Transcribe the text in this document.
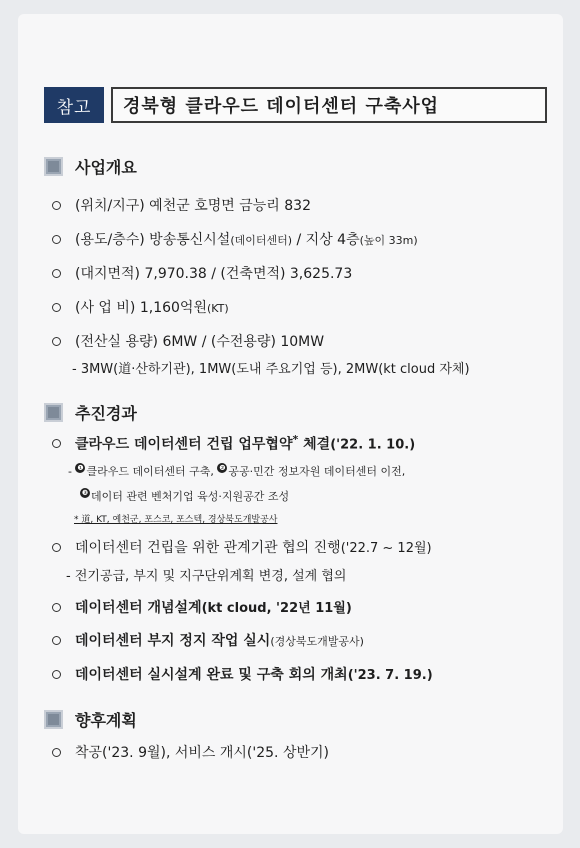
참고	경북형 클라우드 데이터센터 구축사업
사업개요
(위치/지구) 예천군 호명면 금능리 832
(용도/층수) 방송통신시설(데이터센터) / 지상 4층(높이 33m)
(대지면적) 7,970.38 / (건축면적) 3,625.73
(사 업 비) 1,160억원(KT)
(전산실 용량) 6MW / (수전용량) 10MW
- 3MW(道·산하기관), 1MW(도내 주요기업 등), 2MW(kt cloud 자체)
추진경과
클라우드 데이터센터 건립 업무협약* 체결('22. 1. 10.)
- ❶ 클라우드 데이터센터 구축, ❷ 공공·민간 정보자원 데이터센터 이전,
❸ 데이터 관련 벤처기업 육성·지원공간 조성
* 道, KT, 예천군, 포스코, 포스텍, 경상북도개발공사
데이터센터 건립을 위한 관계기관 협의 진행('22.7 ~ 12월)
- 전기공급, 부지 및 지구단위계획 변경, 설계 협의
데이터센터 개념설계(kt cloud, '22년 11월)
데이터센터 부지 정지 작업 실시(경상북도개발공사)
데이터센터 실시설계 완료 및 구축 회의 개최('23. 7. 19.)
향후계획
착공('23. 9월), 서비스 개시('25. 상반기)
